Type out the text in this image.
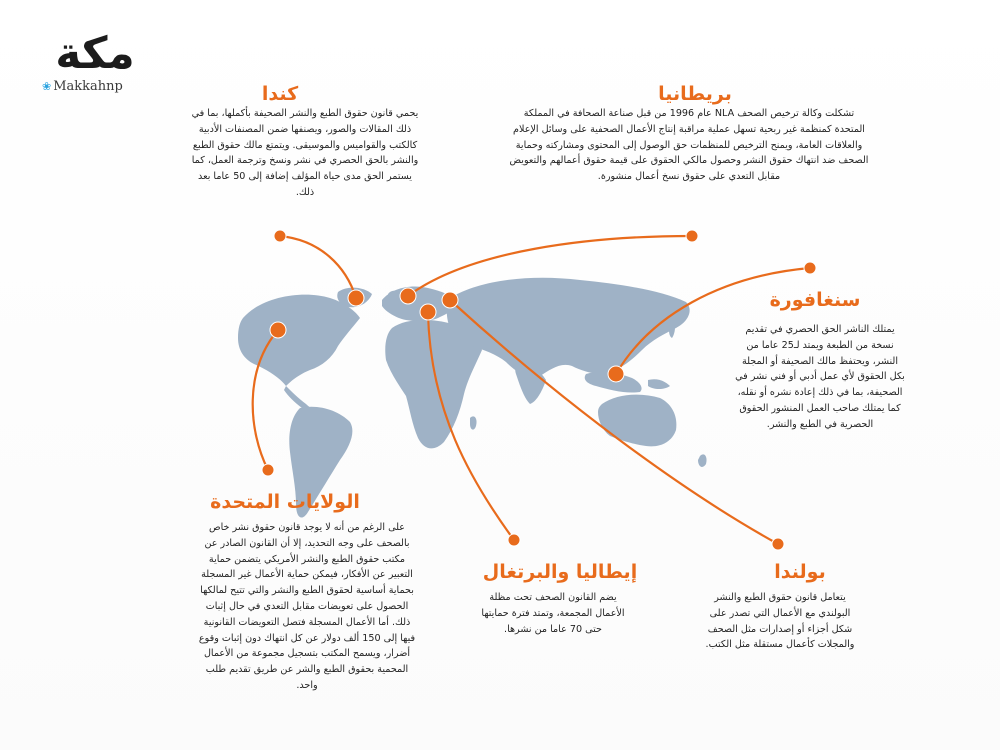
مكة
❀ Makkahnp	كندا
يحمي قانون حقوق الطبع والنشر الصحيفة بأكملها، بما في ذلك المقالات والصور، ويصنفها ضمن المصنفات الأدبية كالكتب والقواميس والموسيقى. ويتمتع مالك حقوق الطبع والنشر بالحق الحصري في نشر ونسخ وترجمة العمل، كما يستمر الحق مدى حياة المؤلف إضافة إلى 50 عاما بعد ذلك.
بريطانيا
تشكلت وكالة ترخيص الصحف NLA عام 1996 من قبل صناعة الصحافة في المملكة المتحدة كمنظمة غير ربحية تسهل عملية مراقبة إنتاج الأعمال الصحفية على وسائل الإعلام والعلاقات العامة، ويمنح الترخيص للمنظمات حق الوصول إلى المحتوى ومشاركته وحماية الصحف ضد انتهاك حقوق النشر وحصول مالكي الحقوق على قيمة حقوق أعمالهم والتعويض مقابل التعدي على حقوق نسخ أعمال منشورة.
سنغافورة
يمتلك الناشر الحق الحصري في تقديم نسخة من الطبعة ويمتد لـ25 عاما من النشر، ويحتفظ مالك الصحيفة أو المجلة بكل الحقوق لأي عمل أدبي أو فني نشر في الصحيفة، بما في ذلك إعادة نشره أو نقله، كما يمتلك صاحب العمل المنشور الحقوق الحصرية في الطبع والنشر.
الولايات المتحدة
على الرغم من أنه لا يوجد قانون حقوق نشر خاص بالصحف على وجه التحديد، إلا أن القانون الصادر عن مكتب حقوق الطبع والنشر الأمريكي يتضمن حماية التعبير عن الأفكار، فيمكن حماية الأعمال غير المسجلة بحماية أساسية لحقوق الطبع والنشر والتي تتيح لمالكها الحصول على تعويضات مقابل التعدي في حال إثبات ذلك. أما الأعمال المسجلة فتصل التعويضات القانونية فيها إلى 150 ألف دولار عن كل انتهاك دون إثبات وقوع أضرار، ويسمح المكتب بتسجيل مجموعة من الأعمال المحمية بحقوق الطبع والشر عن طريق تقديم طلب واحد.
إيطاليا والبرتغال
يضم القانون الصحف تحت مظلة الأعمال المجمعة، وتمتد فترة حمايتها حتى 70 عاما من نشرها.
بولندا
يتعامل قانون حقوق الطبع والنشر البولندي مع الأعمال التي تصدر على شكل أجزاء أو إصدارات مثل الصحف والمجلات كأعمال مستقلة مثل الكتب.
